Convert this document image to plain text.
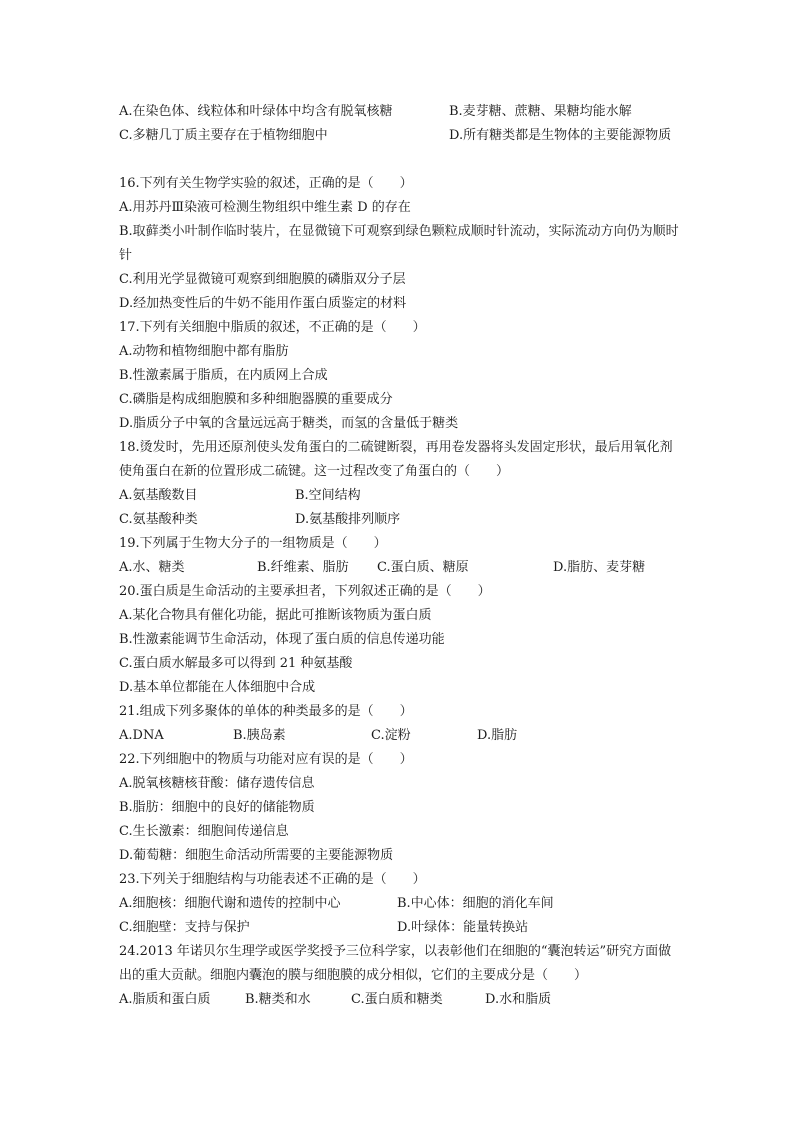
A.在染色体、线粒体和叶绿体中均含有脱氧核糖	B.麦芽糖、蔗糖、果糖均能水解
C.多糖几丁质主要存在于植物细胞中	D.所有糖类都是生物体的主要能源物质
16.下列有关生物学实验的叙述，正确的是（　　）
A.用苏丹Ⅲ染液可检测生物组织中维生素 D 的存在
B.取藓类小叶制作临时装片，在显微镜下可观察到绿色颗粒成顺时针流动，实际流动方向仍为顺时针
C.利用光学显微镜可观察到细胞膜的磷脂双分子层
D.经加热变性后的牛奶不能用作蛋白质鉴定的材料
17.下列有关细胞中脂质的叙述，不正确的是（　　）
A.动物和植物细胞中都有脂肪
B.性激素属于脂质，在内质网上合成
C.磷脂是构成细胞膜和多种细胞器膜的重要成分
D.脂质分子中氧的含量远远高于糖类，而氢的含量低于糖类
18.烫发时，先用还原剂使头发角蛋白的二硫键断裂，再用卷发器将头发固定形状，最后用氧化剂使角蛋白在新的位置形成二硫键。这一过程改变了角蛋白的（　　）
A.氨基酸数目	B.空间结构
C.氨基酸种类	D.氨基酸排列顺序
19.下列属于生物大分子的一组物质是（　　）
A.水、糖类	B.纤维素、脂肪	C.蛋白质、糖原	D.脂肪、麦芽糖
20.蛋白质是生命活动的主要承担者，下列叙述正确的是（　　）
A.某化合物具有催化功能，据此可推断该物质为蛋白质
B.性激素能调节生命活动，体现了蛋白质的信息传递功能
C.蛋白质水解最多可以得到 21 种氨基酸
D.基本单位都能在人体细胞中合成
21.组成下列多聚体的单体的种类最多的是（　　）
A.DNA	B.胰岛素	C.淀粉	D.脂肪
22.下列细胞中的物质与功能对应有误的是（　　）
A.脱氧核糖核苷酸：储存遗传信息
B.脂肪：细胞中的良好的储能物质
C.生长激素：细胞间传递信息
D.葡萄糖：细胞生命活动所需要的主要能源物质
23.下列关于细胞结构与功能表述不正确的是（　　）
A.细胞核：细胞代谢和遗传的控制中心	B.中心体：细胞的消化车间
C.细胞壁：支持与保护	D.叶绿体：能量转换站
24.2013 年诺贝尔生理学或医学奖授予三位科学家，以表彰他们在细胞的“囊泡转运”研究方面做出的重大贡献。细胞内囊泡的膜与细胞膜的成分相似，它们的主要成分是（　　）
A.脂质和蛋白质	B.糖类和水	C.蛋白质和糖类	D.水和脂质
